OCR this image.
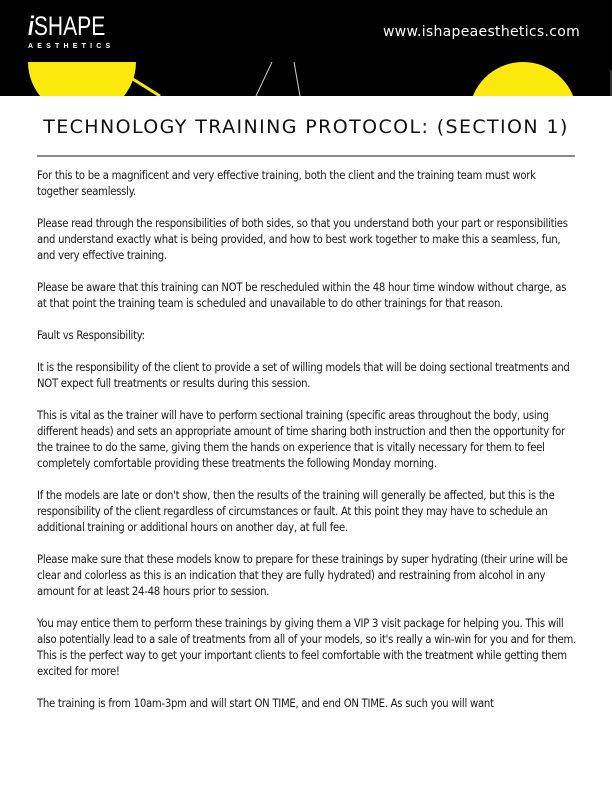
iSHAPE
AESTHETICS
www.ishapeaesthetics.com
TECHNOLOGY TRAINING PROTOCOL: (SECTION 1)

For this to be a magnificent and very effective training, both the client and the training team must work together seamlessly.

Please read through the responsibilities of both sides, so that you understand both your part or responsibilities and understand exactly what is being provided, and how to best work together to make this a seamless, fun, and very effective training.

Please be aware that this training can NOT be rescheduled within the 48 hour time window without charge, as at that point the training team is scheduled and unavailable to do other trainings for that reason.

Fault vs Responsibility:

It is the responsibility of the client to provide a set of willing models that will be doing sectional treatments and NOT expect full treatments or results during this session.

This is vital as the trainer will have to perform sectional training (specific areas throughout the body, using different heads) and sets an appropriate amount of time sharing both instruction and then the opportunity for the trainee to do the same, giving them the hands on experience that is vitally necessary for them to feel completely comfortable providing these treatments the following Monday morning.

If the models are late or don't show, then the results of the training will generally be affected, but this is the responsibility of the client regardless of circumstances or fault. At this point they may have to schedule an additional training or additional hours on another day, at full fee.

Please make sure that these models know to prepare for these trainings by super hydrating (their urine will be clear and colorless as this is an indication that they are fully hydrated) and restraining from alcohol in any amount for at least 24-48 hours prior to session.

You may entice them to perform these trainings by giving them a VIP 3 visit package for helping you. This will also potentially lead to a sale of treatments from all of your models, so it's really a win-win for you and for them. This is the perfect way to get your important clients to feel comfortable with the treatment while getting them excited for more!

The training is from 10am-3pm and will start ON TIME, and end ON TIME. As such you will want
